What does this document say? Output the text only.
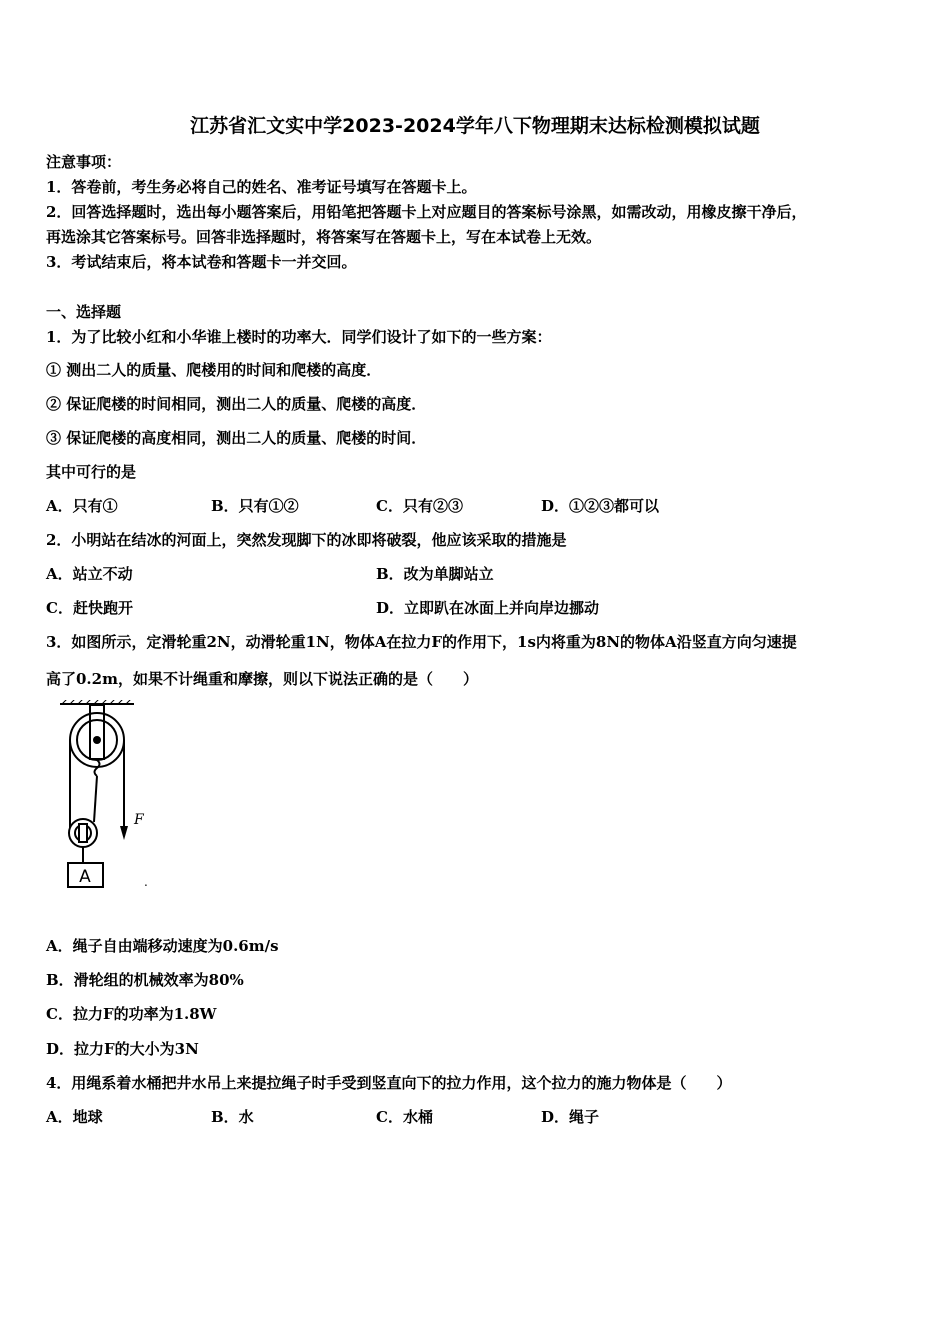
江苏省汇文实中学2023-2024学年八下物理期末达标检测模拟试题
注意事项：
1．答卷前，考生务必将自己的姓名、准考证号填写在答题卡上。
2．回答选择题时，选出每小题答案后，用铅笔把答题卡上对应题目的答案标号涂黑，如需改动，用橡皮擦干净后，
再选涂其它答案标号。回答非选择题时，将答案写在答题卡上，写在本试卷上无效。
3．考试结束后，将本试卷和答题卡一并交回。
一、选择题
1．为了比较小红和小华谁上楼时的功率大．同学们设计了如下的一些方案：
① 测出二人的质量、爬楼用的时间和爬楼的高度．
② 保证爬楼的时间相同，测出二人的质量、爬楼的高度．
③ 保证爬楼的高度相同，测出二人的质量、爬楼的时间．
其中可行的是
A．只有①	B．只有①②	C．只有②③	D．①②③都可以
2．小明站在结冰的河面上，突然发现脚下的冰即将破裂，他应该采取的措施是
A．站立不动	B．改为单脚站立
C．赶快跑开	D．立即趴在冰面上并向岸边挪动
3．如图所示，定滑轮重2N，动滑轮重1N，物体A在拉力F的作用下，1s内将重为8N的物体A沿竖直方向匀速提
高了0.2m，如果不计绳重和摩擦，则以下说法正确的是（　　）
A
F
.
A．绳子自由端移动速度为0.6m/s
B．滑轮组的机械效率为80%
C．拉力F的功率为1.8W
D．拉力F的大小为3N
4．用绳系着水桶把井水吊上来提拉绳子时手受到竖直向下的拉力作用，这个拉力的施力物体是（　　）
A．地球	B．水	C．水桶	D．绳子
